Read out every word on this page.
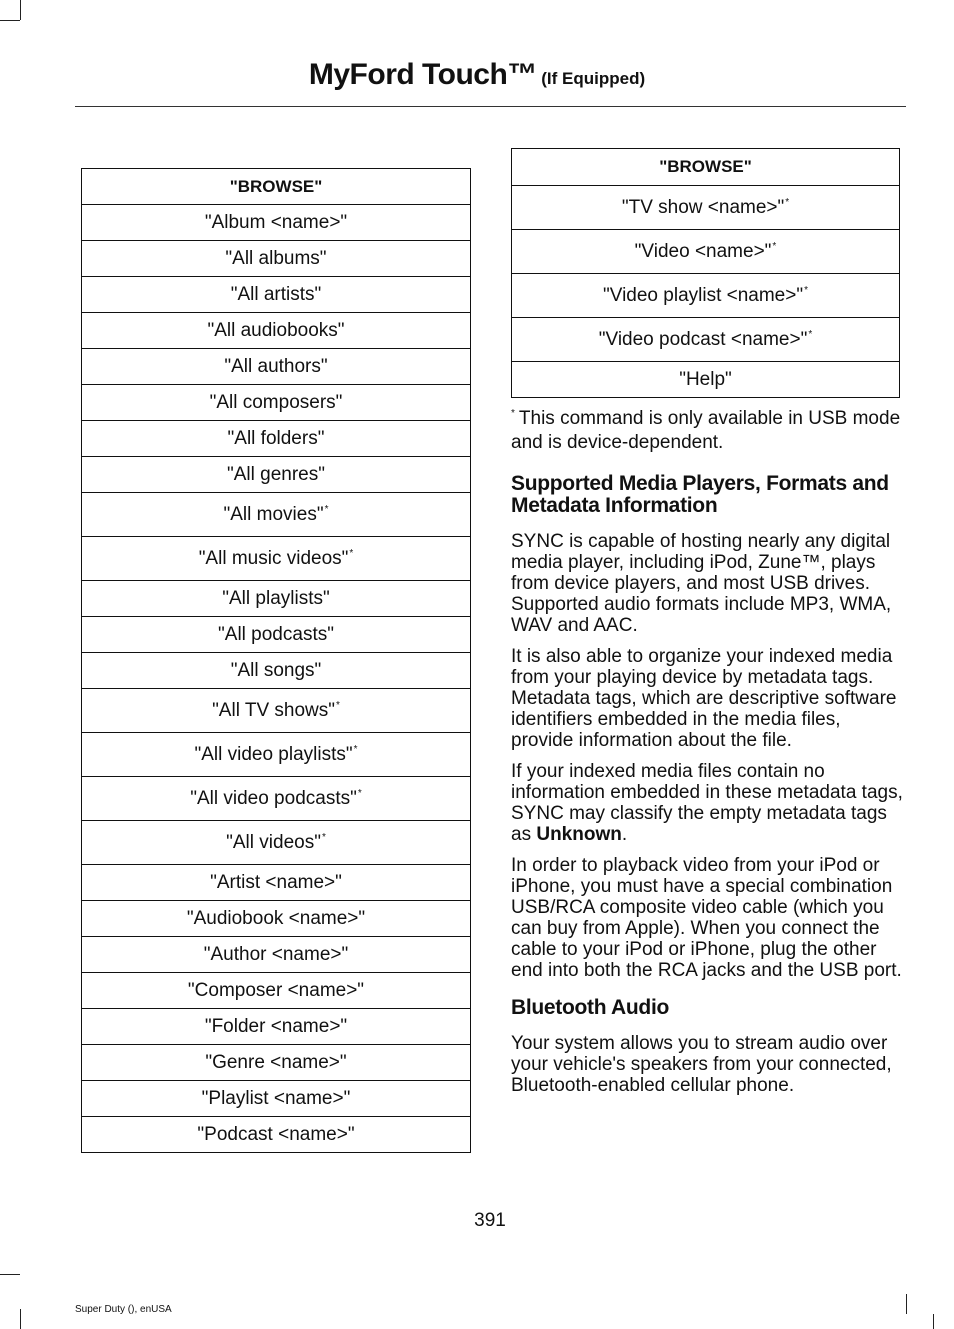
MyFord Touch™ (If Equipped)
"BROWSE"
"Album <name>"
"All albums"
"All artists"
"All audiobooks"
"All authors"
"All composers"
"All folders"
"All genres"
"All movies"*
"All music videos"*
"All playlists"
"All podcasts"
"All songs"
"All TV shows"*
"All video playlists"*
"All video podcasts"*
"All videos"*
"Artist <name>"
"Audiobook <name>"
"Author <name>"
"Composer <name>"
"Folder <name>"
"Genre <name>"
"Playlist <name>"
"Podcast <name>"
"BROWSE"
"TV show <name>"*
"Video <name>"*
"Video playlist <name>"*
"Video podcast <name>"*
"Help"

* This command is only available in USB mode and is device-dependent.

Supported Media Players, Formats and Metadata Information

SYNC is capable of hosting nearly any digital media player, including iPod, Zune™, plays from device players, and most USB drives. Supported audio formats include MP3, WMA, WAV and AAC.

It is also able to organize your indexed media from your playing device by metadata tags. Metadata tags, which are descriptive software identifiers embedded in the media files, provide information about the file.

If your indexed media files contain no information embedded in these metadata tags, SYNC may classify the empty metadata tags as Unknown.

In order to playback video from your iPod or iPhone, you must have a special combination USB/RCA composite video cable (which you can buy from Apple). When you connect the cable to your iPod or iPhone, plug the other end into both the RCA jacks and the USB port.

Bluetooth Audio

Your system allows you to stream audio over your vehicle's speakers from your connected, Bluetooth-enabled cellular phone.

391
Super Duty (), enUSA
